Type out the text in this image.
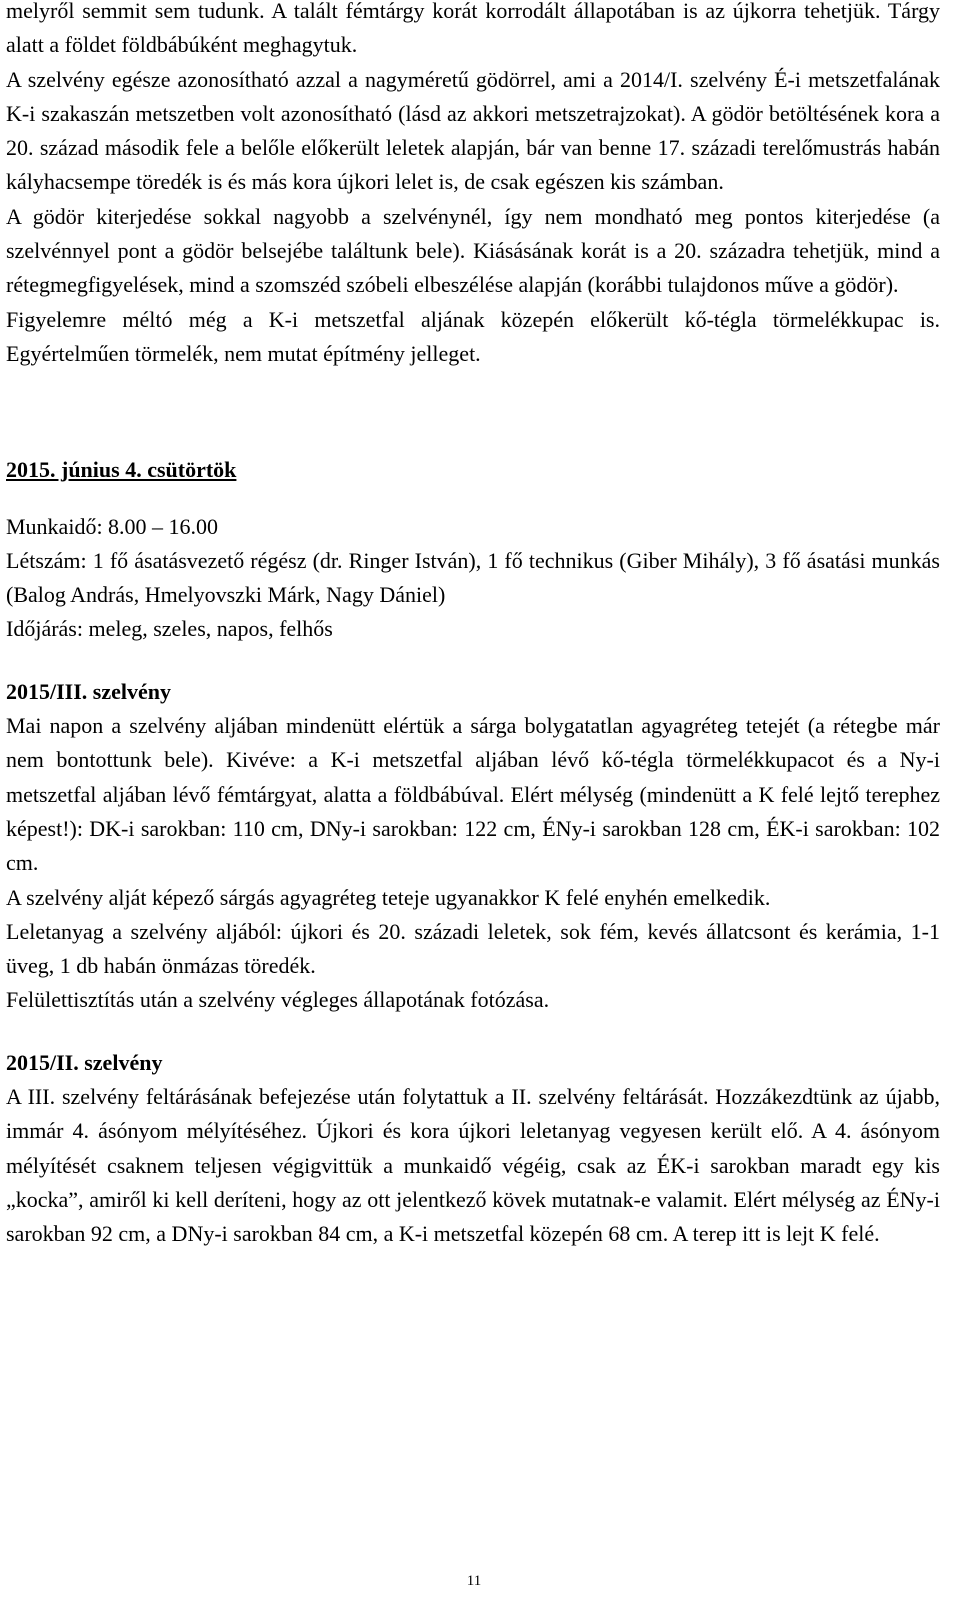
melyről semmit sem tudunk. A talált fémtárgy korát korrodált állapotában is az újkorra tehetjük. Tárgy alatt a földet földbábúként meghagytuk.

A szelvény egésze azonosítható azzal a nagyméretű gödörrel, ami a 2014/I. szelvény É-i metszetfalának K-i szakaszán metszetben volt azonosítható (lásd az akkori metszetrajzokat). A gödör betöltésének kora a 20. század második fele a belőle előkerült leletek alapján, bár van benne 17. századi terelőmustrás habán kályhacsempe töredék is és más kora újkori lelet is, de csak egészen kis számban.

A gödör kiterjedése sokkal nagyobb a szelvénynél, így nem mondható meg pontos kiterjedése (a szelvénnyel pont a gödör belsejébe találtunk bele). Kiásásának korát is a 20. századra tehetjük, mind a rétegmegfigyelések, mind a szomszéd szóbeli elbeszélése alapján (korábbi tulajdonos műve a gödör).

Figyelemre méltó még a K-i metszetfal aljának közepén előkerült kő-tégla törmelékkupac is. Egyértelműen törmelék, nem mutat építmény jelleget.

2015. június 4. csütörtök

Munkaidő: 8.00 – 16.00

Létszám: 1 fő ásatásvezető régész (dr. Ringer István), 1 fő technikus (Giber Mihály), 3 fő ásatási munkás (Balog András, Hmelyovszki Márk, Nagy Dániel)

Időjárás: meleg, szeles, napos, felhős

2015/III. szelvény

Mai napon a szelvény aljában mindenütt elértük a sárga bolygatatlan agyagréteg tetejét (a rétegbe már nem bontottunk bele). Kivéve: a K-i metszetfal aljában lévő kő-tégla törmelékkupacot és a Ny-i metszetfal aljában lévő fémtárgyat, alatta a földbábúval. Elért mélység (mindenütt a K felé lejtő terephez képest!): DK-i sarokban: 110 cm, DNy-i sarokban: 122 cm, ÉNy-i sarokban 128 cm, ÉK-i sarokban: 102 cm.

A szelvény alját képező sárgás agyagréteg teteje ugyanakkor K felé enyhén emelkedik.

Leletanyag a szelvény aljából: újkori és 20. századi leletek, sok fém, kevés állatcsont és kerámia, 1-1 üveg, 1 db habán önmázas töredék.

Felülettisztítás után a szelvény végleges állapotának fotózása.

2015/II. szelvény

A III. szelvény feltárásának befejezése után folytattuk a II. szelvény feltárását. Hozzákezdtünk az újabb, immár 4. ásónyom mélyítéséhez. Újkori és kora újkori leletanyag vegyesen került elő. A 4. ásónyom mélyítését csaknem teljesen végigvittük a munkaidő végéig, csak az ÉK-i sarokban maradt egy kis „kocka”, amiről ki kell deríteni, hogy az ott jelentkező kövek mutatnak-e valamit. Elért mélység az ÉNy-i sarokban 92 cm, a DNy-i sarokban 84 cm, a K-i metszetfal közepén 68 cm. A terep itt is lejt K felé.

11
